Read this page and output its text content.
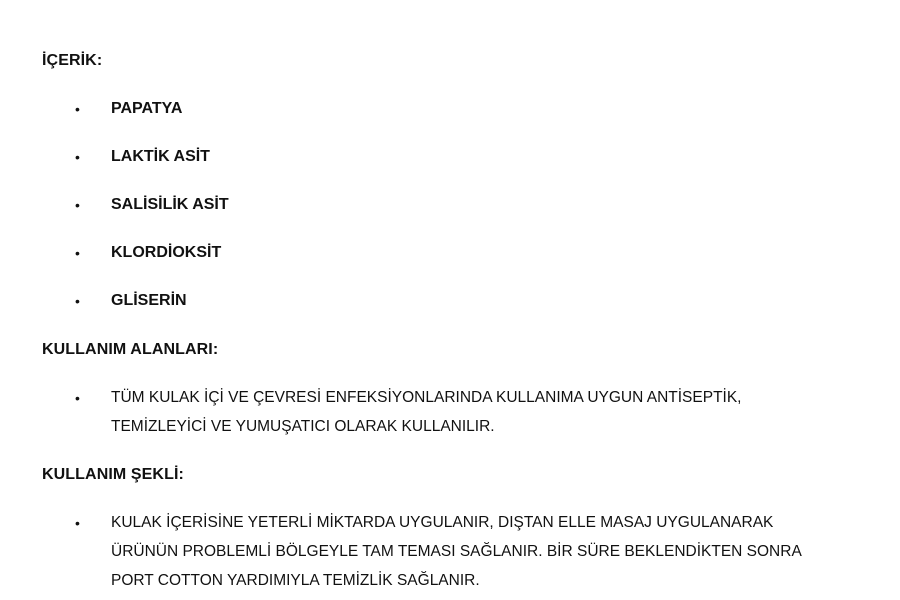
İÇERİK:
•
PAPATYA
•
LAKTİK ASİT
•
SALİSİLİK ASİT
•
KLORDİOKSİT
•
GLİSERİN
KULLANIM ALANLARI:
•
TÜM KULAK İÇİ VE ÇEVRESİ ENFEKSİYONLARINDA KULLANIMA UYGUN ANTİSEPTİK,
TEMİZLEYİCİ VE YUMUŞATICI OLARAK KULLANILIR.
KULLANIM ŞEKLİ:
•
KULAK İÇERİSİNE YETERLİ MİKTARDA UYGULANIR, DIŞTAN ELLE MASAJ UYGULANARAK
ÜRÜNÜN PROBLEMLİ BÖLGEYLE TAM TEMASI SAĞLANIR. BİR SÜRE BEKLENDİKTEN SONRA
PORT COTTON YARDIMIYLA TEMİZLİK SAĞLANIR.
